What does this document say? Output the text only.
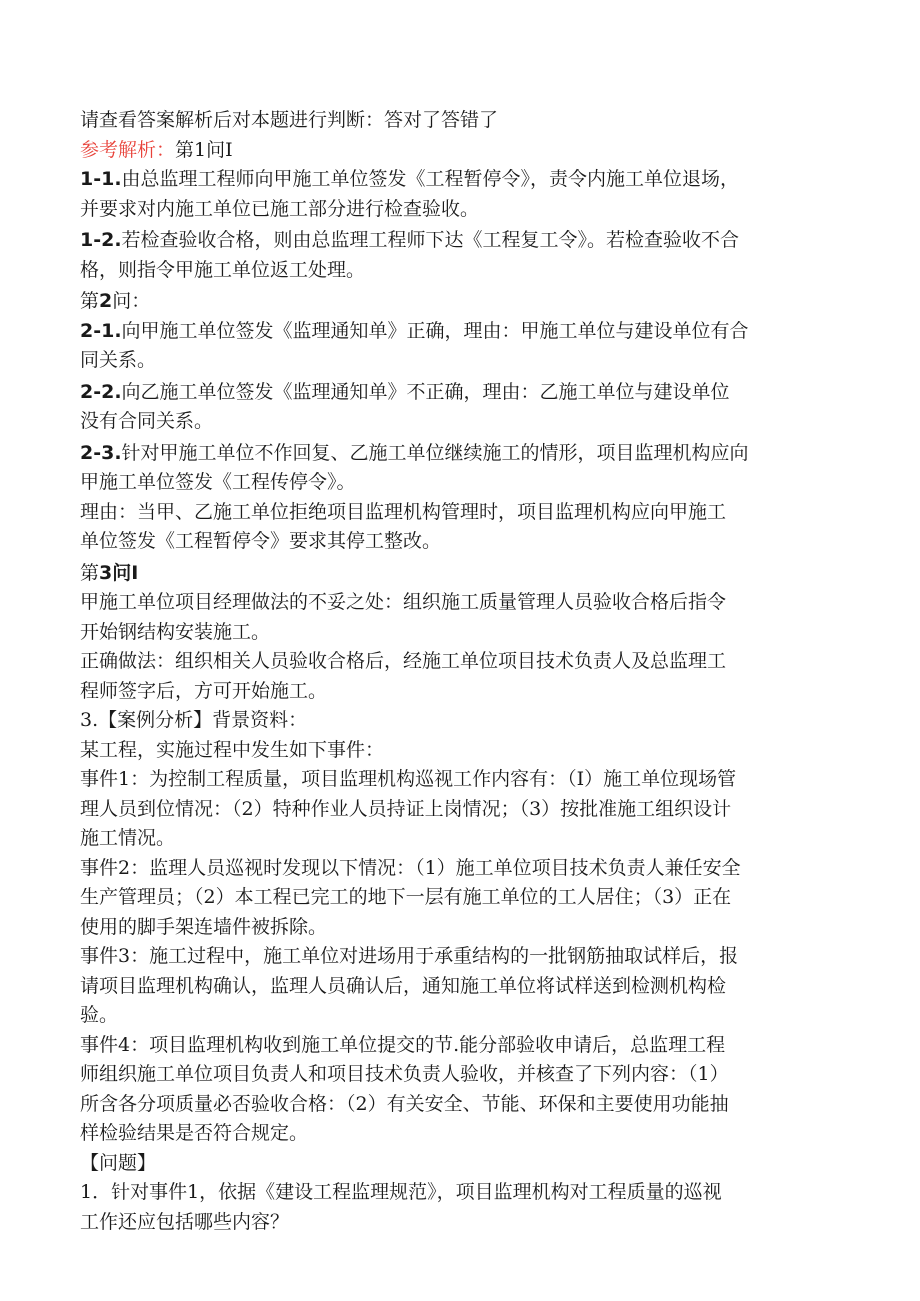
请查看答案解析后对本题进行判断：答对了答错了
参考解析：第1问I
1-1.由总监理工程师向甲施工单位签发《工程暂停令》，责令内施工单位退场，
并要求对内施工单位已施工部分进行检查验收。
1-2.若检查验收合格，则由总监理工程师下达《工程复工令》。若检查验收不合
格，则指令甲施工单位返工处理。
第2问：
2-1.向甲施工单位签发《监理通知单》正确，理由：甲施工单位与建设单位有合
同关系。
2-2.向乙施工单位签发《监理通知单》不正确，理由：乙施工单位与建设单位
没有合同关系。
2-3.针对甲施工单位不作回复、乙施工单位继续施工的情形，项目监理机构应向
甲施工单位签发《工程传停令》。
理由：当甲、乙施工单位拒绝项目监理机构管理时，项目监理机构应向甲施工
单位签发《工程暂停令》要求其停工整改。
第3问I
甲施工单位项目经理做法的不妥之处：组织施工质量管理人员验收合格后指令
开始钢结构安装施工。
正确做法：组织相关人员验收合格后，经施工单位项目技术负责人及总监理工
程师签字后，方可开始施工。
3.【案例分析】背景资料：
某工程，实施过程中发生如下事件：
事件1：为控制工程质量，项目监理机构巡视工作内容有：（I）施工单位现场管
理人员到位情况：（2）特种作业人员持证上岗情况；（3）按批准施工组织设计
施工情况。
事件2：监理人员巡视时发现以下情况：（1）施工单位项目技术负责人兼任安全
生产管理员；（2）本工程已完工的地下一层有施工单位的工人居住；（3）正在
使用的脚手架连墙件被拆除。
事件3：施工过程中，施工单位对进场用于承重结构的一批钢筋抽取试样后，报
请项目监理机构确认，监理人员确认后，通知施工单位将试样送到检测机构检
验。
事件4：项目监理机构收到施工单位提交的节.能分部验收申请后，总监理工程
师组织施工单位项目负责人和项目技术负责人验收，并核查了下列内容：（1）
所含各分项质量必否验收合格：（2）有关安全、节能、环保和主要使用功能抽
样检验结果是否符合规定。
【问题】
1．针对事件1，依据《建设工程监理规范》，项目监理机构对工程质量的巡视
工作还应包括哪些内容？
